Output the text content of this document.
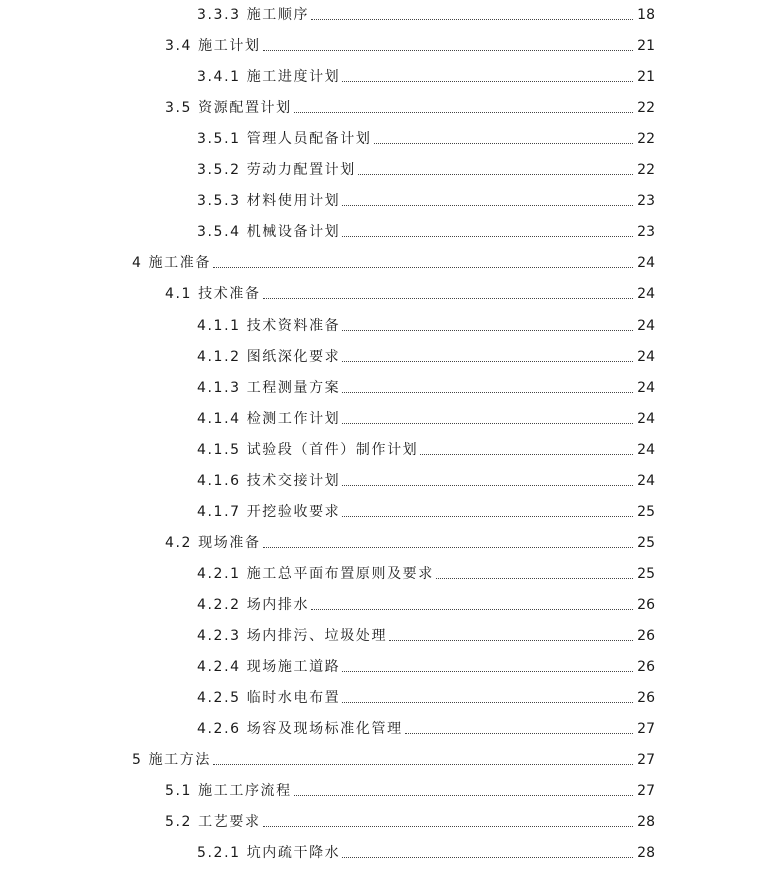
3.3.3 施工顺序	18
3.4 施工计划	21
3.4.1 施工进度计划	21
3.5 资源配置计划	22
3.5.1 管理人员配备计划	22
3.5.2 劳动力配置计划	22
3.5.3 材料使用计划	23
3.5.4 机械设备计划	23
4 施工准备	24
4.1 技术准备	24
4.1.1 技术资料准备	24
4.1.2 图纸深化要求	24
4.1.3 工程测量方案	24
4.1.4 检测工作计划	24
4.1.5 试验段（首件）制作计划	24
4.1.6 技术交接计划	24
4.1.7 开挖验收要求	25
4.2 现场准备	25
4.2.1 施工总平面布置原则及要求	25
4.2.2 场内排水	26
4.2.3 场内排污、垃圾处理	26
4.2.4 现场施工道路	26
4.2.5 临时水电布置	26
4.2.6 场容及现场标准化管理	27
5 施工方法	27
5.1 施工工序流程	27
5.2 工艺要求	28
5.2.1 坑内疏干降水	28
